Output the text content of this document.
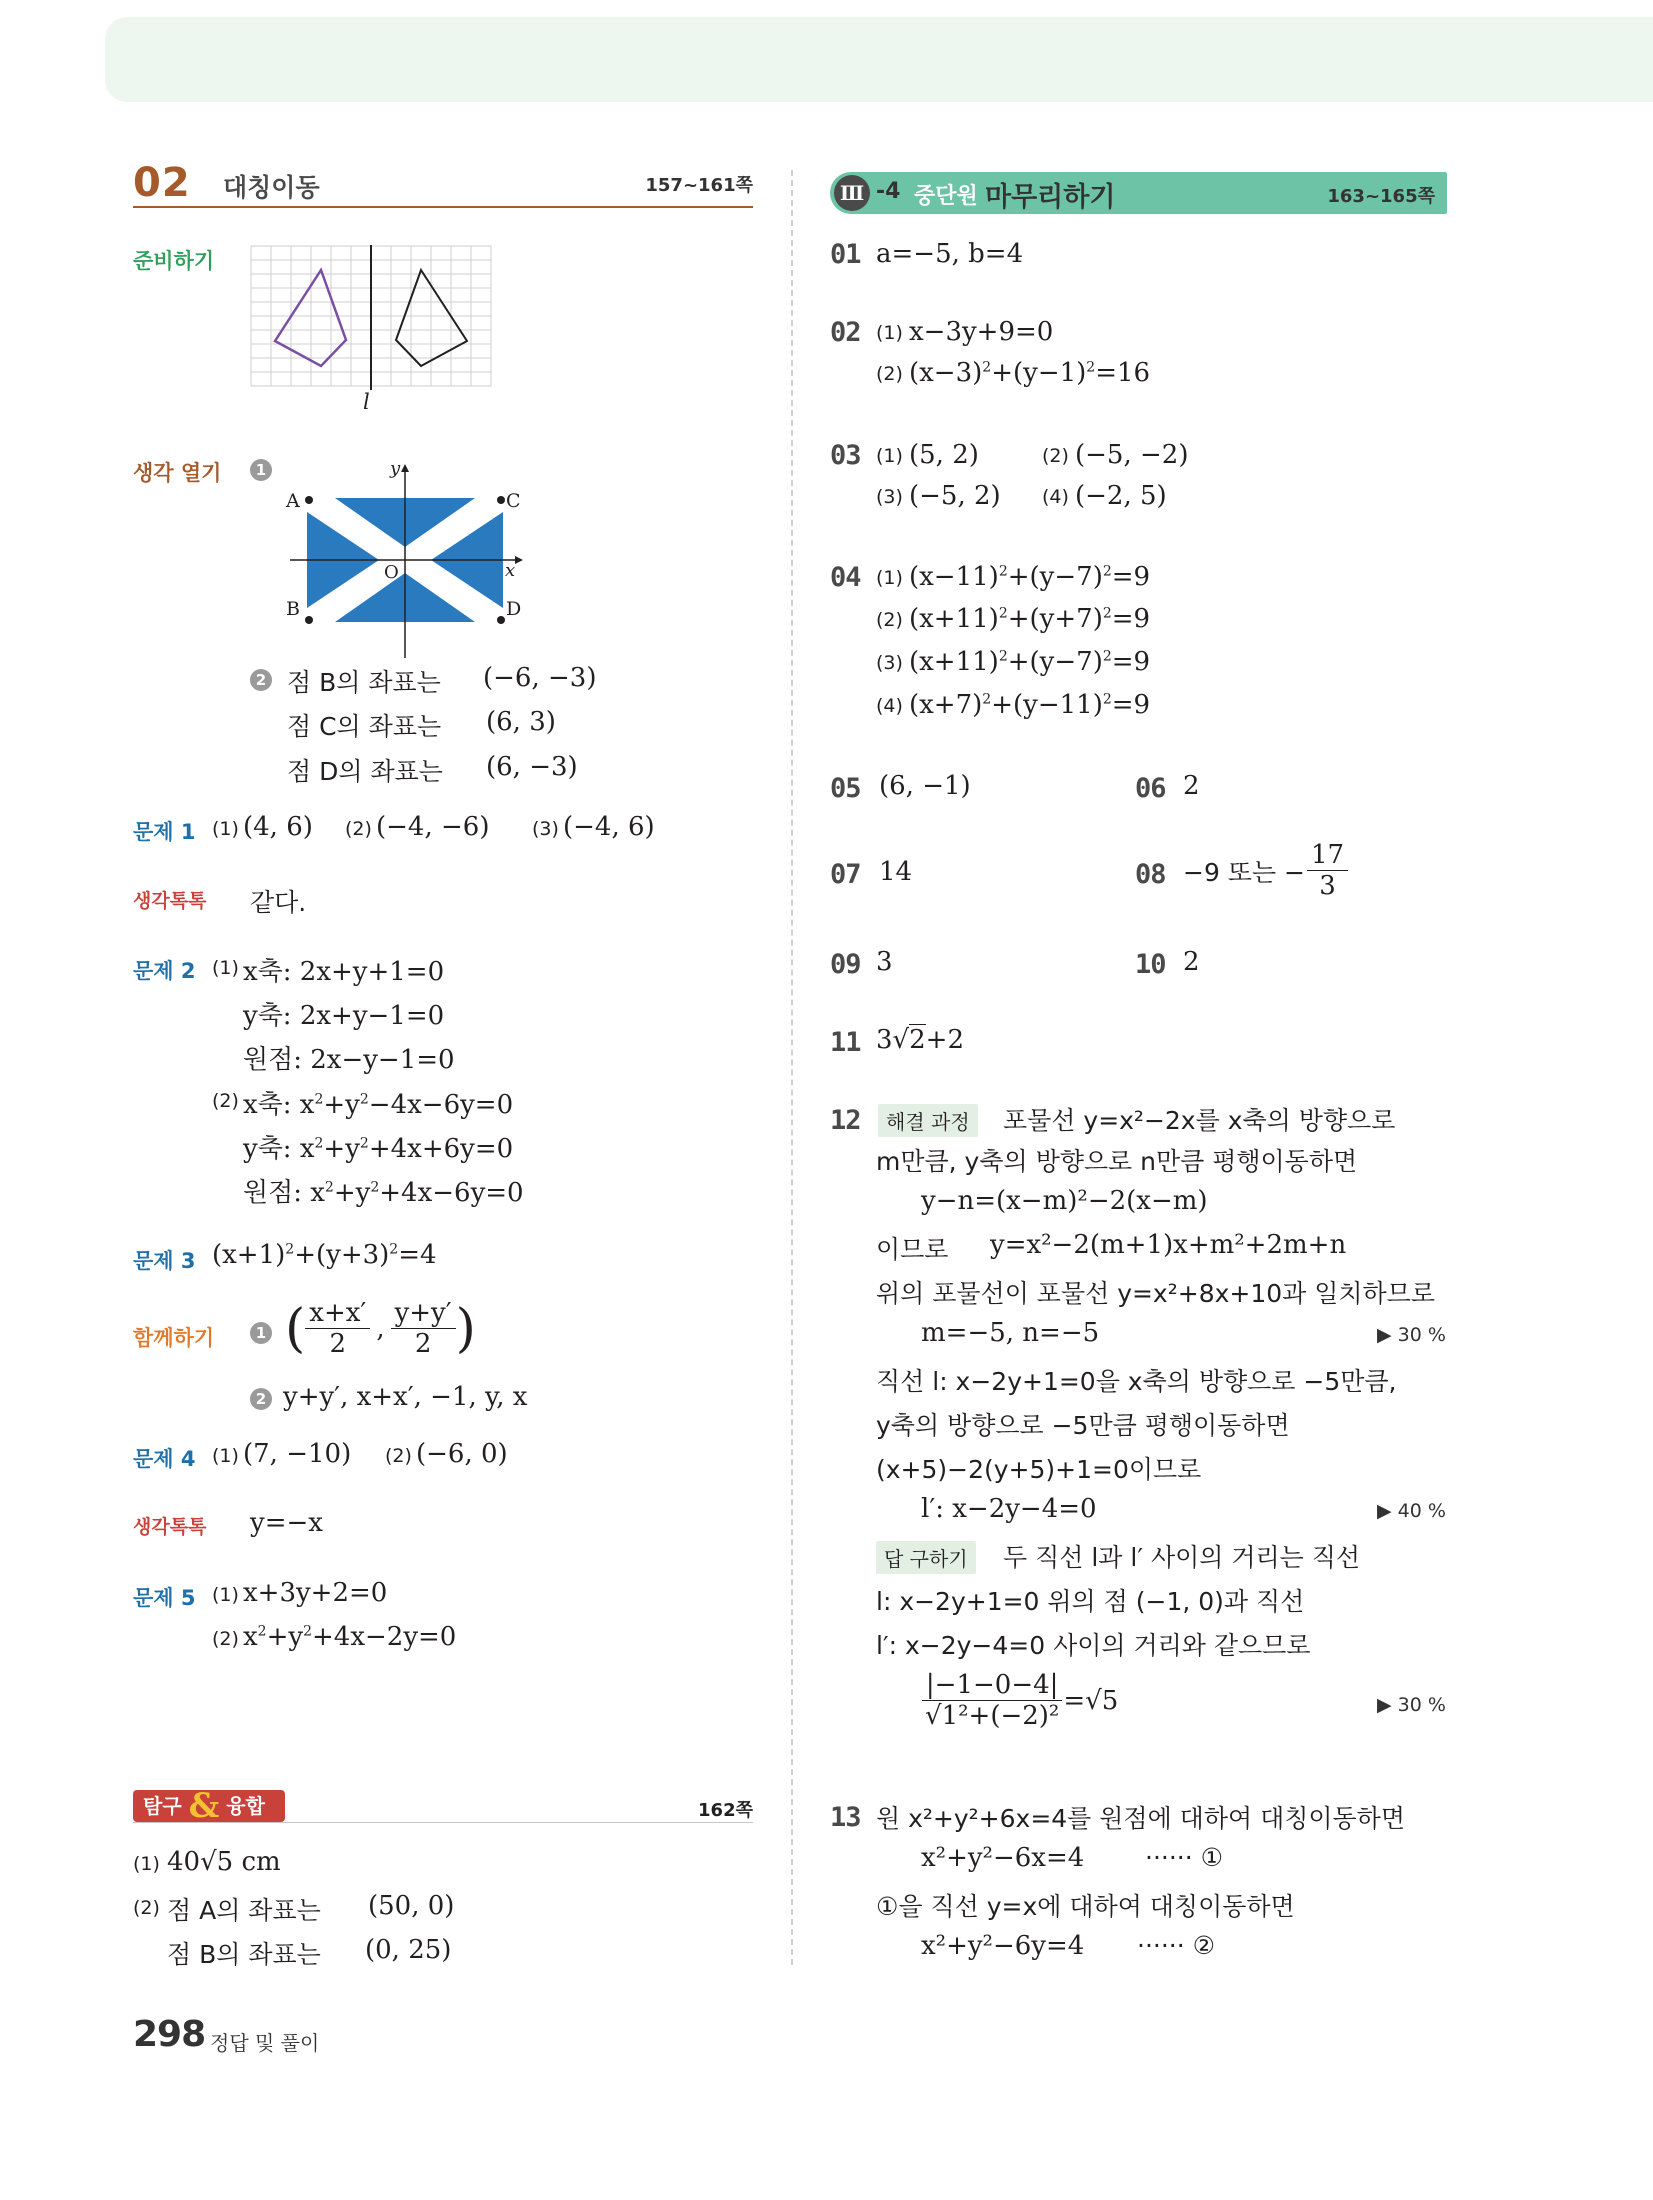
02 대칭이동	157~161쪽
준비하기
l
생각 열기	1	y
x
O
A	C
B	D
2 점 B의 좌표는 (−6, −3)
점 C의 좌표는 (6, 3)
점 D의 좌표는 (6, −3)
문제 1 (1) (4, 6) (2) (−4, −6) (3) (−4, 6)
생각톡톡 같다.
문제 2 (1) x축: 2x+y+1=0
y축: 2x+y−1=0
원점: 2x−y−1=0
(2) x축: $x^2+y^2-4x-6y=0$
y축: $x^2+y^2+4x+6y=0$
원점: $x^2+y^2+4x-6y=0$
문제 3 $(x+1)^2+(y+3)^2=4$
함께하기	1 ( $\frac{x+x'}{2}$ , $\frac{y+y'}{2}$ )
2 y+y′, x+x′, −1, y, x
문제 4 (1) (7, −10) (2) (−6, 0)
생각톡톡 y=−x
문제 5 (1) x+3y+2=0
(2) $x^2+y^2+4x-2y=0$
탐구 & 융합	162쪽
(1) 40√5 cm
(2) 점 A의 좌표는 (50, 0)
점 B의 좌표는 (0, 25)
298 정답 및 풀이
Ⅲ -4 중단원 마무리하기	163~165쪽
01 a=−5, b=4
02 (1) x−3y+9=0
(2) $(x-3)^2+(y-1)^2=16$
03 (1) (5, 2)	(2) (−5, −2)
(3) (−5, 2) (4) (−2, 5)
04 (1) $(x-11)^2+(y-7)^2=9$
(2) $(x+11)^2+(y+7)^2=9$
(3) $(x+11)^2+(y-7)^2=9$
(4) $(x+7)^2+(y-11)^2=9$
05 (6, −1)	06 2
07 14	08 −9 또는 − $\frac{17}{3}$
09 3	10 2
11 3√2+2
12	해결 과정	포물선 y=x²−2x를 x축의 방향으로
m만큼, y축의 방향으로 n만큼 평행이동하면
y−n=(x−m)²−2(x−m)
이므로 y=x²−2(m+1)x+m²+2m+n
위의 포물선이 포물선 y=x²+8x+10과 일치하므로
m=−5, n=−5	▶ 30 %
직선 l: x−2y+1=0을 x축의 방향으로 −5만큼,
y축의 방향으로 −5만큼 평행이동하면
(x+5)−2(y+5)+1=0이므로
l′: x−2y−4=0	▶ 40 %
답 구하기	두 직선 l과 l′ 사이의 거리는 직선
l: x−2y+1=0 위의 점 (−1, 0)과 직선
l′: x−2y−4=0 사이의 거리와 같으므로
$\frac{|-1-0-4|}{\text{√1²+(−2)²}} =√5$	▶ 30 %
13 원 x²+y²+6x=4를 원점에 대하여 대칭이동하면
x²+y²−6x=4 ······ ①
①을 직선 y=x에 대하여 대칭이동하면
x²+y²−6y=4 ······ ②
